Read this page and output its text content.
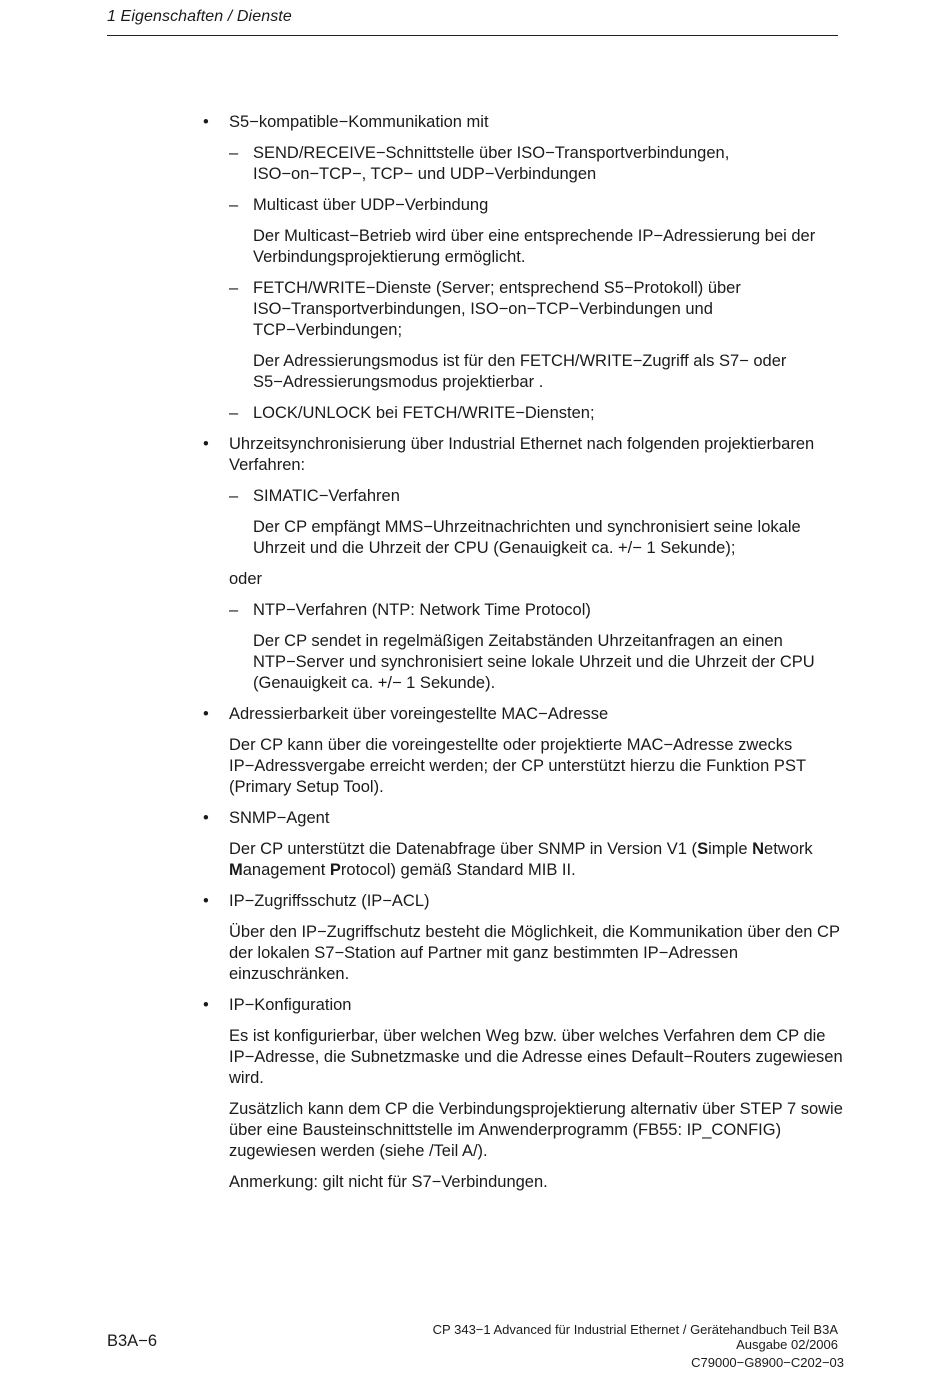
1 Eigenschaften / Dienste
• S5−kompatible−Kommunikation mit
– SEND/RECEIVE−Schnittstelle über ISO−Transportverbindungen, ISO−on−TCP−, TCP− und UDP−Verbindungen
– Multicast über UDP−Verbindung
Der Multicast−Betrieb wird über eine entsprechende IP−Adressierung bei der Verbindungsprojektierung ermöglicht.
– FETCH/WRITE−Dienste (Server; entsprechend S5−Protokoll) über ISO−Transportverbindungen, ISO−on−TCP−Verbindungen und TCP−Verbindungen;
Der Adressierungsmodus ist für den FETCH/WRITE−Zugriff als S7− oder S5−Adressierungsmodus projektierbar .
– LOCK/UNLOCK bei FETCH/WRITE−Diensten;
• Uhrzeitsynchronisierung über Industrial Ethernet nach folgenden projektierbaren Verfahren:
– SIMATIC−Verfahren
Der CP empfängt MMS−Uhrzeitnachrichten und synchronisiert seine lokale Uhrzeit und die Uhrzeit der CPU (Genauigkeit ca. +/− 1 Sekunde);
oder
– NTP−Verfahren (NTP: Network Time Protocol)
Der CP sendet in regelmäßigen Zeitabständen Uhrzeitanfragen an einen NTP−Server und synchronisiert seine lokale Uhrzeit und die Uhrzeit der CPU (Genauigkeit ca. +/− 1 Sekunde).
• Adressierbarkeit über voreingestellte MAC−Adresse
Der CP kann über die voreingestellte oder projektierte MAC−Adresse zwecks IP−Adressvergabe erreicht werden; der CP unterstützt hierzu die Funktion PST (Primary Setup Tool).
• SNMP−Agent
Der CP unterstützt die Datenabfrage über SNMP in Version V1 (Simple Network Management Protocol) gemäß Standard MIB II.
• IP−Zugriffsschutz (IP−ACL)
Über den IP−Zugriffschutz besteht die Möglichkeit, die Kommunikation über den CP der lokalen S7−Station auf Partner mit ganz bestimmten IP−Adressen einzuschränken.
• IP−Konfiguration
Es ist konfigurierbar, über welchen Weg bzw. über welches Verfahren dem CP die IP−Adresse, die Subnetzmaske und die Adresse eines Default−Routers zugewiesen wird.
Zusätzlich kann dem CP die Verbindungsprojektierung alternativ über STEP 7 sowie über eine Bausteinschnittstelle im Anwenderprogramm (FB55: IP_CONFIG) zugewiesen werden (siehe /Teil A/).
Anmerkung: gilt nicht für S7−Verbindungen.
B3A−6
CP 343−1 Advanced für Industrial Ethernet / Gerätehandbuch Teil B3A
Ausgabe 02/2006
C79000−G8900−C202−03
